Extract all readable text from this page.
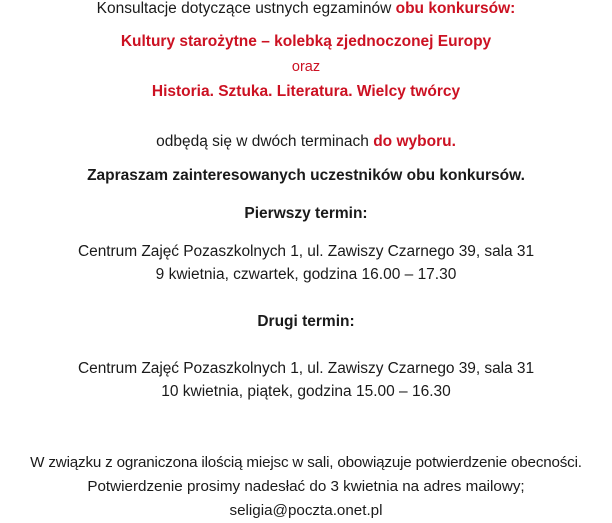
Konsultacje dotyczące ustnych egzaminów obu konkursów:
Kultury starożytne – kolebką zjednoczonej Europy
oraz
Historia. Sztuka. Literatura. Wielcy twórcy
odbędą się w dwóch terminach do wyboru.
Zapraszam zainteresowanych uczestników obu konkursów.
Pierwszy termin:
Centrum Zajęć Pozaszkolnych 1, ul. Zawiszy Czarnego 39, sala 31
9 kwietnia, czwartek, godzina 16.00 – 17.30
Drugi termin:
Centrum Zajęć Pozaszkolnych 1, ul. Zawiszy Czarnego 39, sala 31
10 kwietnia, piątek, godzina 15.00 – 16.30
W związku z ograniczona ilością miejsc w sali, obowiązuje potwierdzenie obecności.
Potwierdzenie prosimy nadesłać do 3 kwietnia na adres mailowy;
seligia@poczta.onet.pl
